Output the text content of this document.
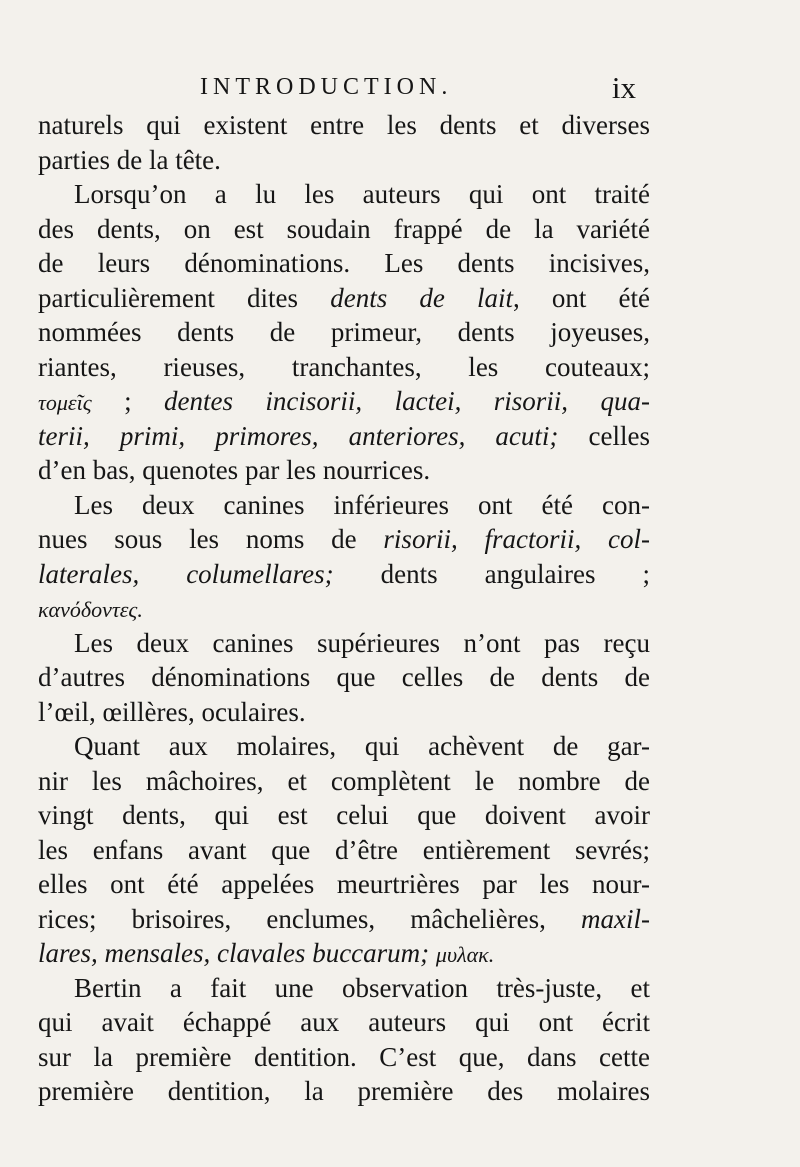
INTRODUCTION.	ix
naturels qui existent entre les dents et diverses
parties de la tête.
Lorsqu’on a lu les auteurs qui ont traité
des dents, on est soudain frappé de la variété
de leurs dénominations. Les dents incisives,
particulièrement dites dents de lait, ont été
nommées dents de primeur, dents joyeuses,
riantes, rieuses, tranchantes, les couteaux;
τομεῖς ; dentes incisorii, lactei, risorii, qua-
terii, primi, primores, anteriores, acuti; celles
d’en bas, quenotes par les nourrices.
Les deux canines inférieures ont été con-
nues sous les noms de risorii, fractorii, col-
laterales, columellares; dents angulaires ;
κανόδοντες.
Les deux canines supérieures n’ont pas reçu
d’autres dénominations que celles de dents de
l’œil, œillères, oculaires.
Quant aux molaires, qui achèvent de gar-
nir les mâchoires, et complètent le nombre de
vingt dents, qui est celui que doivent avoir
les enfans avant que d’être entièrement sevrés;
elles ont été appelées meurtrières par les nour-
rices; brisoires, enclumes, mâchelières, maxil-
lares, mensales, clavales buccarum; μυλακ.
Bertin a fait une observation très-juste, et
qui avait échappé aux auteurs qui ont écrit
sur la première dentition. C’est que, dans cette
première dentition, la première des molaires
